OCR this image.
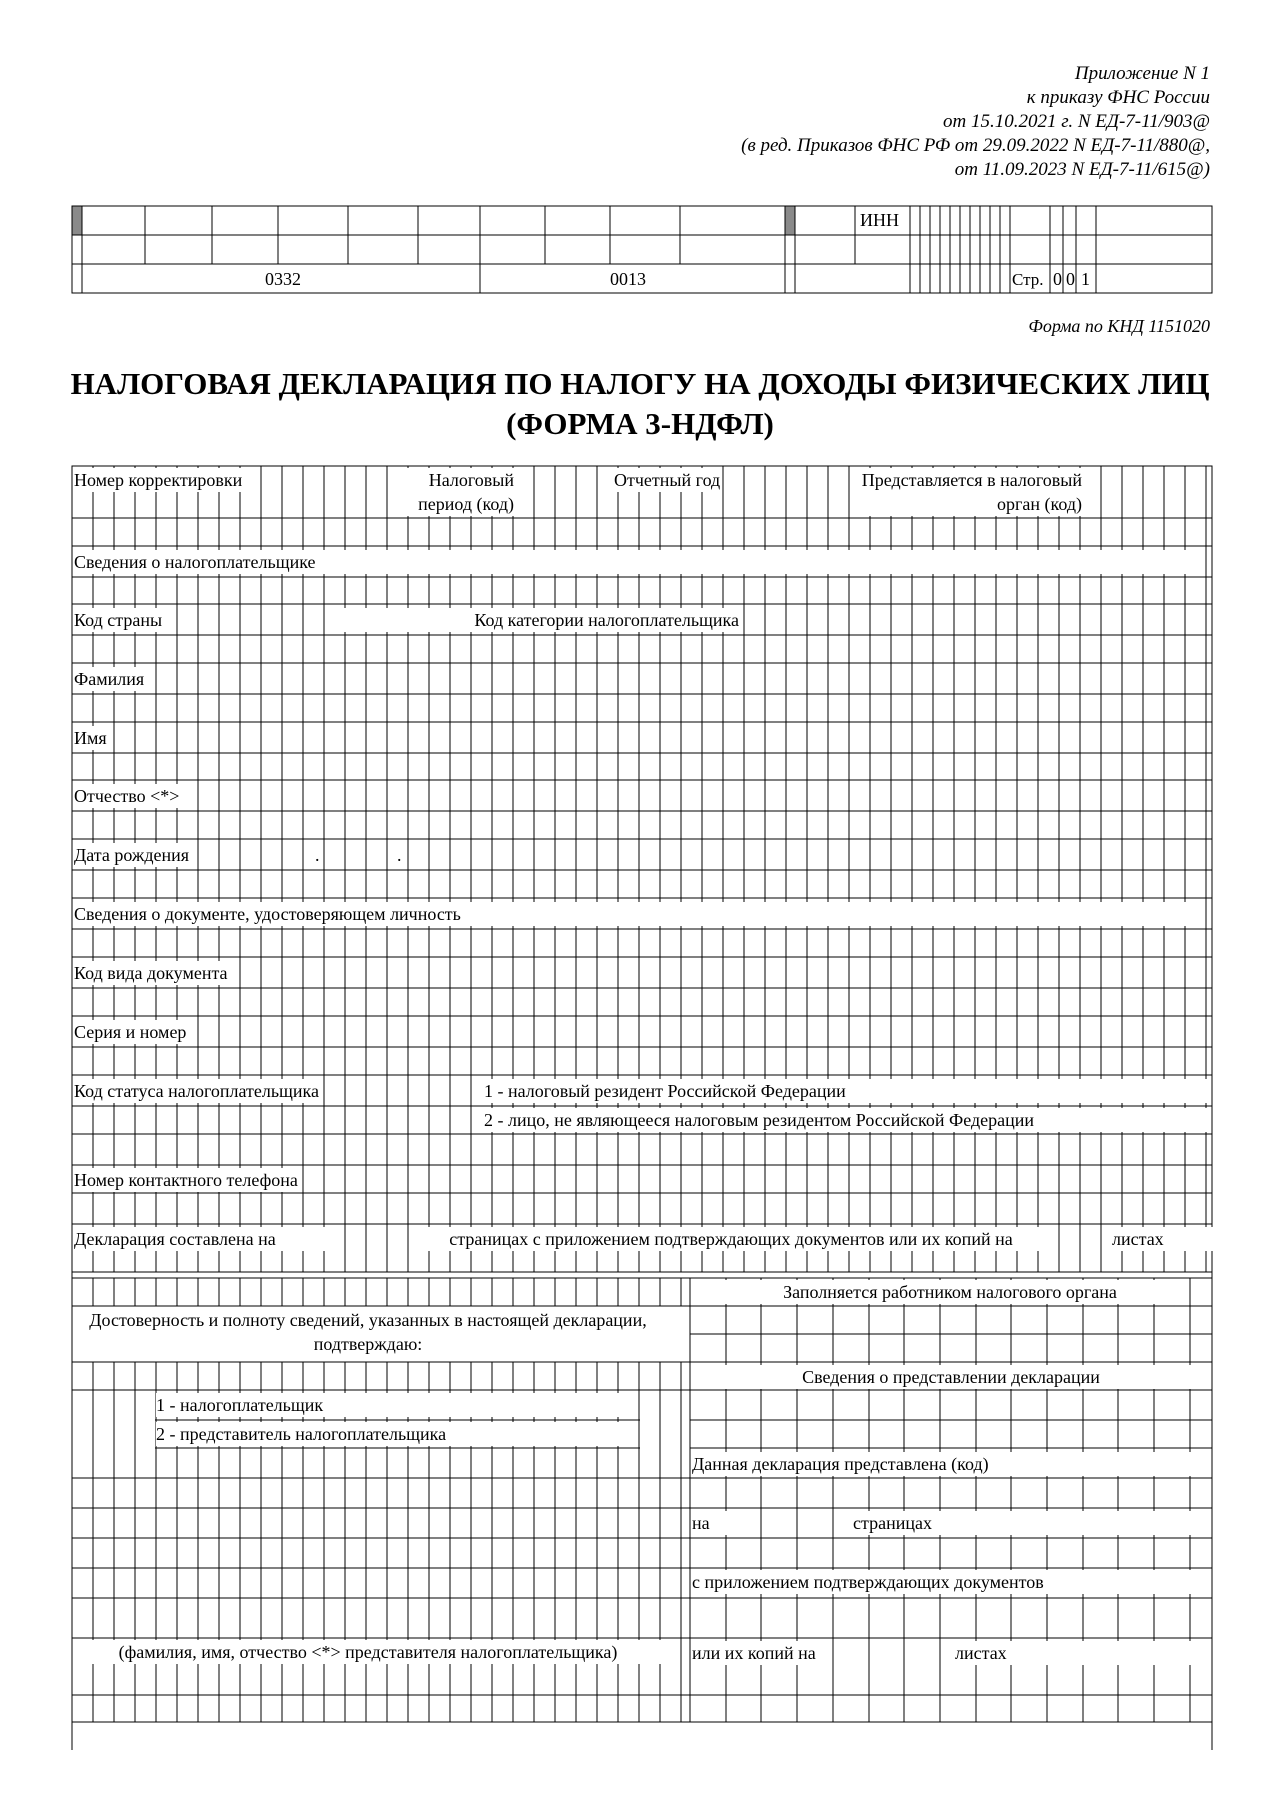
Приложение N 1
к приказу ФНС России
от 15.10.2021 г. N ЕД-7-11/903@
(в ред. Приказов ФНС РФ от 29.09.2022 N ЕД-7-11/880@,
от 11.09.2023 N ЕД-7-11/615@)
ИНН
0332	0013	Стр. 0 0 1
Форма по КНД 1151020
НАЛОГОВАЯ ДЕКЛАРАЦИЯ ПО НАЛОГУ НА ДОХОДЫ ФИЗИЧЕСКИХ ЛИЦ (ФОРМА 3-НДФЛ)
Номер корректировки	Налоговый период (код)
Отчетный год	Представляется в налоговый орган (код)
Сведения о налогоплательщике
Код страны	Код категории налогоплательщика
Фамилия
Имя
Отчество <*>
Дата рождения	.	.
Сведения о документе, удостоверяющем личность
Код вида документа
Серия и номер
Код статуса налогоплательщика	1 - налоговый резидент Российской Федерации
2 - лицо, не являющееся налоговым резидентом Российской Федерации
Номер контактного телефона
Декларация составлена на	страницах с приложением подтверждающих документов или их копий на	листах
Достоверность и полноту сведений, указанных в настоящей декларации, подтверждаю:
1 - налогоплательщик
2 - представитель налогоплательщика
(фамилия, имя, отчество <*> представителя налогоплательщика)
Заполняется работником налогового органа
Сведения о представлении декларации
Данная декларация представлена (код)
на	страницах
с приложением подтверждающих документов
или их копий на	листах
